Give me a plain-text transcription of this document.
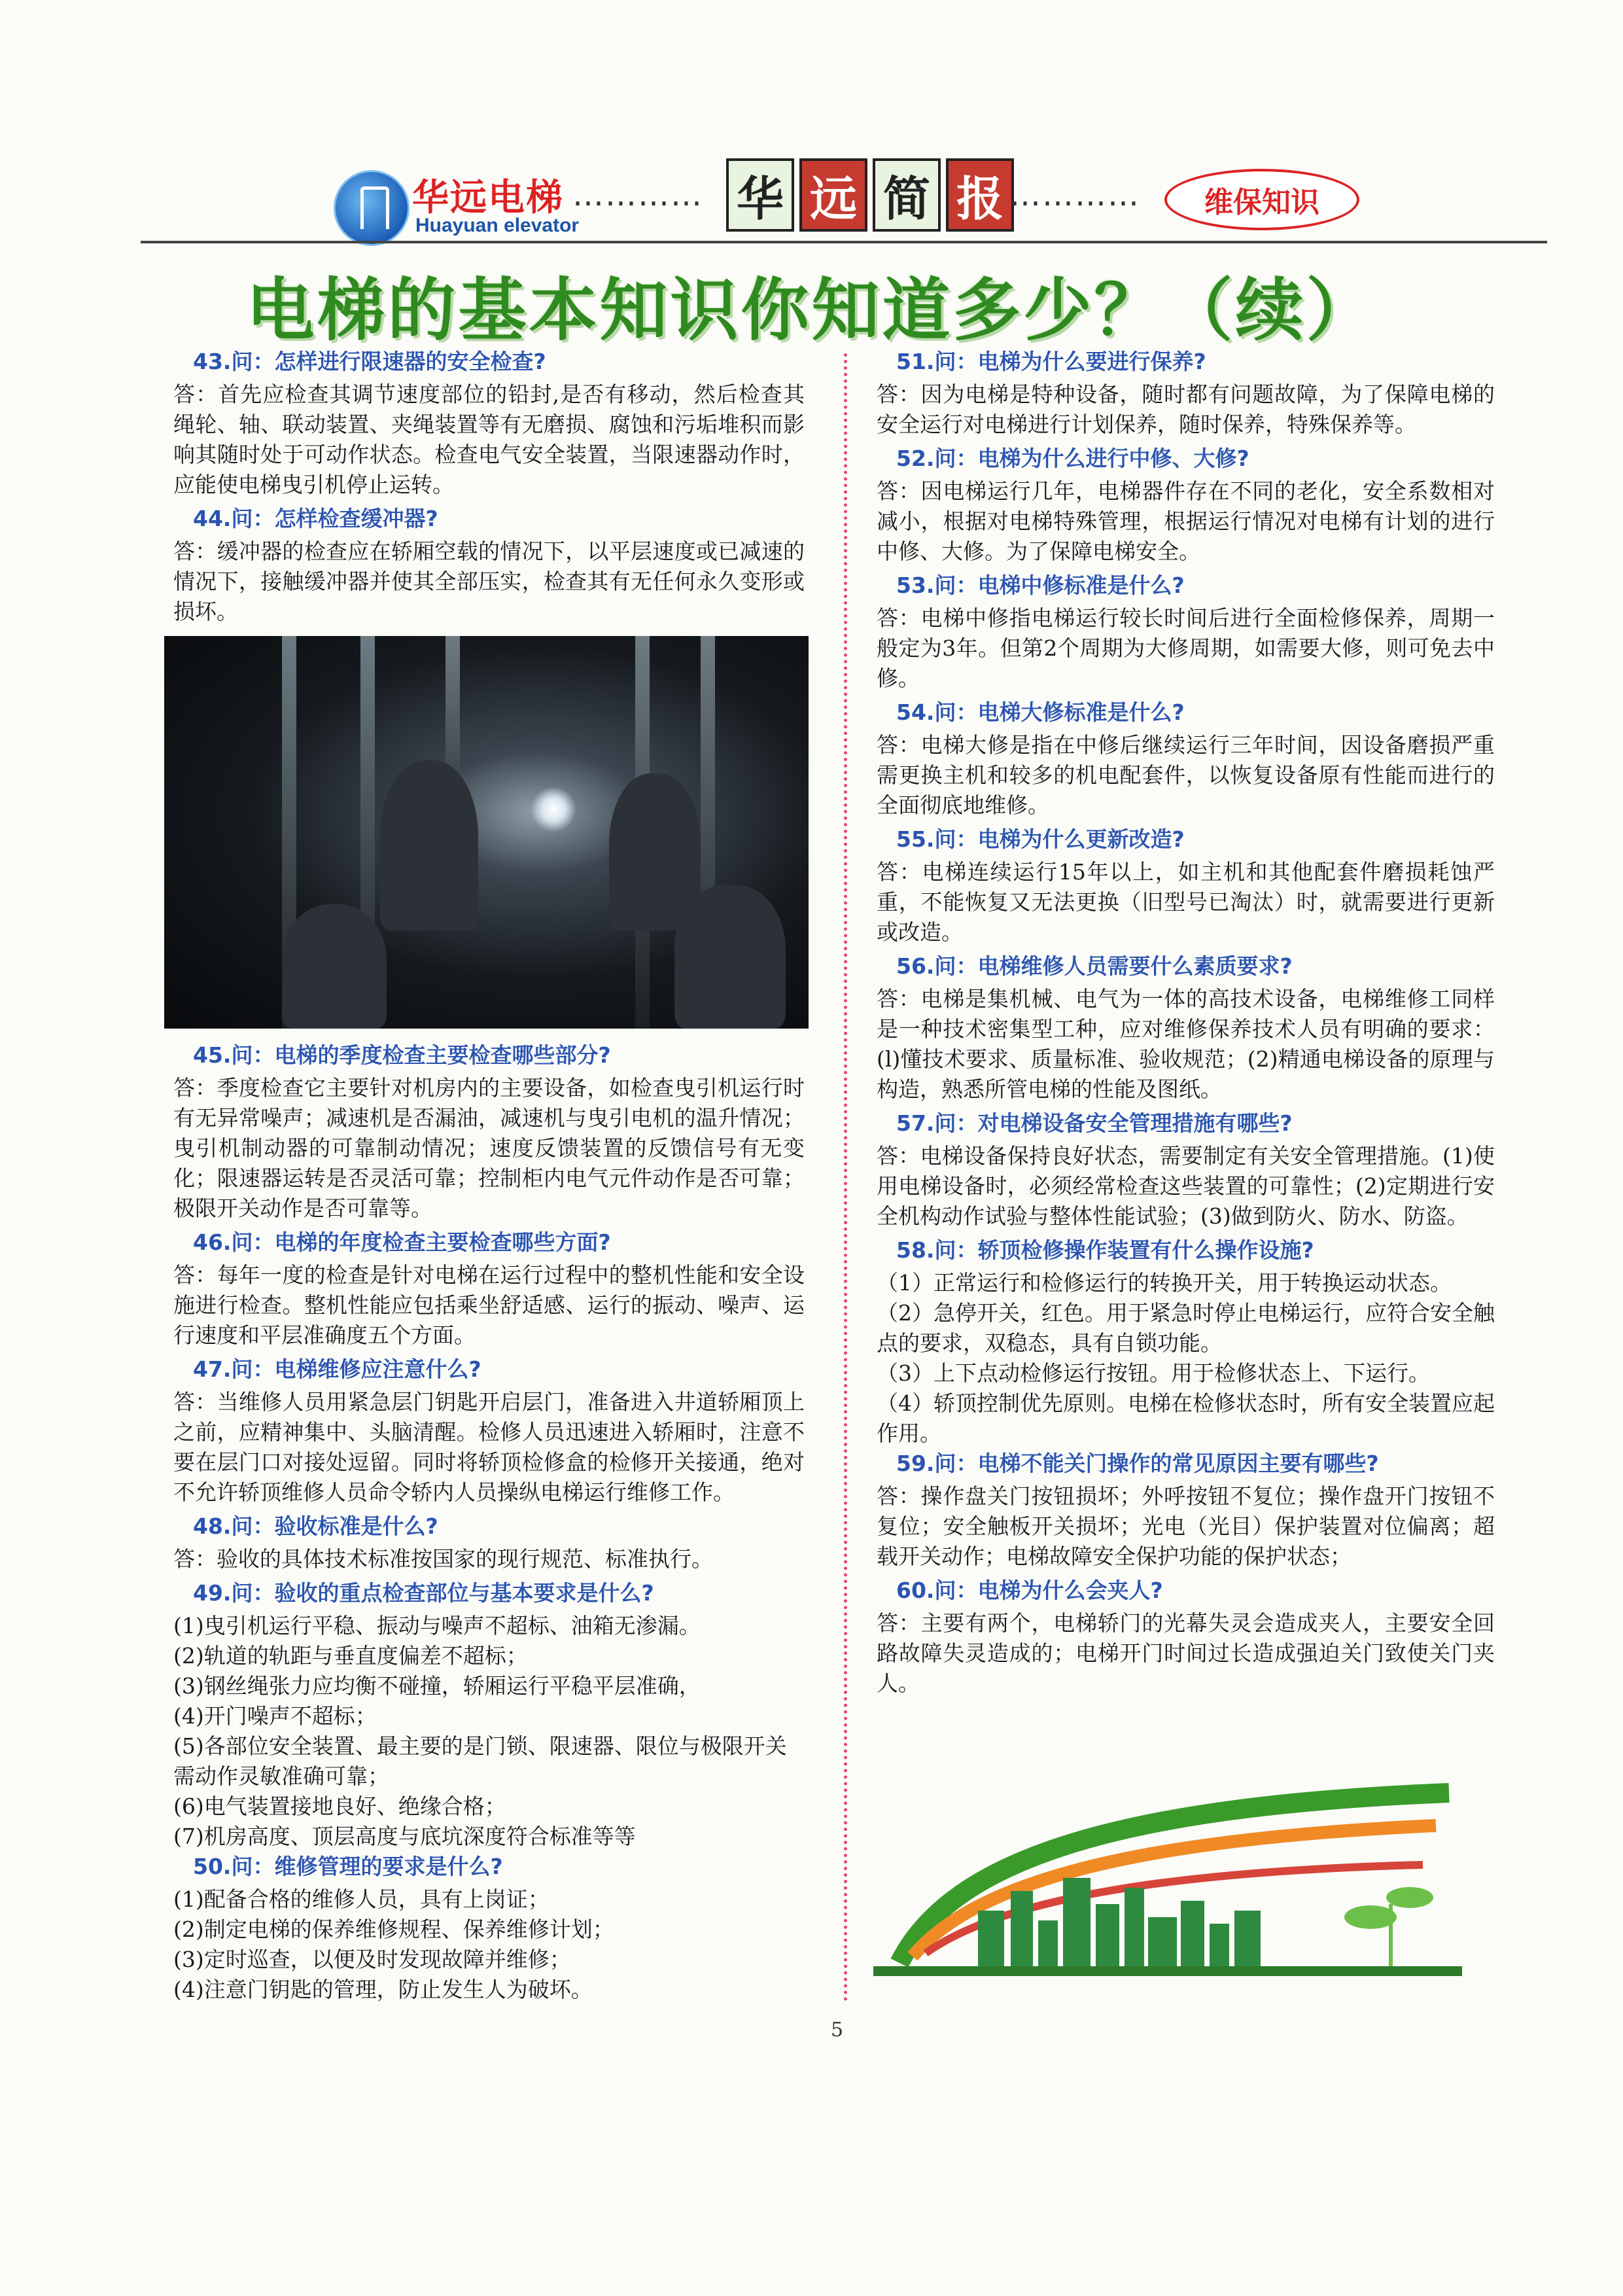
华远电梯
Huayuan elevator
………… 华 远 简 报 …………	维保知识
电梯的基本知识你知道多少？（续）
43.问：怎样进行限速器的安全检查?
答：首先应检查其调节速度部位的铅封,是否有移动，然后检查其绳轮、轴、联动装置、夹绳装置等有无磨损、腐蚀和污垢堆积而影响其随时处于可动作状态。检查电气安全装置，当限速器动作时，应能使电梯曳引机停止运转。
44.问：怎样检查缓冲器?
答：缓冲器的检查应在轿厢空载的情况下，以平层速度或已减速的情况下，接触缓冲器并使其全部压实，检查其有无任何永久变形或损坏。
45.问：电梯的季度检查主要检查哪些部分?
答：季度检查它主要针对机房内的主要设备，如检查曳引机运行时有无异常噪声；减速机是否漏油，减速机与曳引电机的温升情况；曳引机制动器的可靠制动情况；速度反馈装置的反馈信号有无变化；限速器运转是否灵活可靠；控制柜内电气元件动作是否可靠；极限开关动作是否可靠等。
46.问：电梯的年度检查主要检查哪些方面?
答：每年一度的检查是针对电梯在运行过程中的整机性能和安全设施进行检查。整机性能应包括乘坐舒适感、运行的振动、噪声、运行速度和平层准确度五个方面。
47.问：电梯维修应注意什么?
答：当维修人员用紧急层门钥匙开启层门，准备进入井道轿厢顶上之前，应精神集中、头脑清醒。检修人员迅速进入轿厢时，注意不要在层门口对接处逗留。同时将轿顶检修盒的检修开关接通，绝对不允许轿顶维修人员命令轿内人员操纵电梯运行维修工作。
48.问：验收标准是什么?
答：验收的具体技术标准按国家的现行规范、标准执行。
49.问：验收的重点检查部位与基本要求是什么?
(1)曳引机运行平稳、振动与噪声不超标、油箱无渗漏。
(2)轨道的轨距与垂直度偏差不超标；
(3)钢丝绳张力应均衡不碰撞，轿厢运行平稳平层准确，
(4)开门噪声不超标；
(5)各部位安全装置、最主要的是门锁、限速器、限位与极限开关需动作灵敏准确可靠；
(6)电气装置接地良好、绝缘合格；
(7)机房高度、顶层高度与底坑深度符合标准等等
50.问：维修管理的要求是什么?
(1)配备合格的维修人员，具有上岗证；
(2)制定电梯的保养维修规程、保养维修计划；
(3)定时巡查，以便及时发现故障并维修；
(4)注意门钥匙的管理，防止发生人为破坏。
51.问：电梯为什么要进行保养?
答：因为电梯是特种设备，随时都有问题故障，为了保障电梯的安全运行对电梯进行计划保养，随时保养，特殊保养等。
52.问：电梯为什么进行中修、大修?
答：因电梯运行几年，电梯器件存在不同的老化，安全系数相对减小，根据对电梯特殊管理，根据运行情况对电梯有计划的进行中修、大修。为了保障电梯安全。
53.问：电梯中修标准是什么?
答：电梯中修指电梯运行较长时间后进行全面检修保养，周期一般定为3年。但第2个周期为大修周期，如需要大修，则可免去中修。
54.问：电梯大修标准是什么?
答：电梯大修是指在中修后继续运行三年时间，因设备磨损严重需更换主机和较多的机电配套件，以恢复设备原有性能而进行的全面彻底地维修。
55.问：电梯为什么更新改造?
答：电梯连续运行15年以上，如主机和其他配套件磨损耗蚀严重，不能恢复又无法更换（旧型号已淘汰）时，就需要进行更新或改造。
56.问：电梯维修人员需要什么素质要求?
答：电梯是集机械、电气为一体的高技术设备，电梯维修工同样是一种技术密集型工种，应对维修保养技术人员有明确的要求：(l)懂技术要求、质量标准、验收规范；(2)精通电梯设备的原理与构造，熟悉所管电梯的性能及图纸。
57.问：对电梯设备安全管理措施有哪些?
答：电梯设备保持良好状态，需要制定有关安全管理措施。(1)使用电梯设备时，必须经常检查这些装置的可靠性；(2)定期进行安全机构动作试验与整体性能试验；(3)做到防火、防水、防盗。
58.问：轿顶检修操作装置有什么操作设施?
（1）正常运行和检修运行的转换开关，用于转换运动状态。
（2）急停开关，红色。用于紧急时停止电梯运行，应符合安全触点的要求，双稳态，具有自锁功能。
（3）上下点动检修运行按钮。用于检修状态上、下运行。
（4）轿顶控制优先原则。电梯在检修状态时，所有安全装置应起作用。
59.问：电梯不能关门操作的常见原因主要有哪些?
答：操作盘关门按钮损坏；外呼按钮不复位；操作盘开门按钮不复位；安全触板开关损坏；光电（光目）保护装置对位偏离；超载开关动作；电梯故障安全保护功能的保护状态；
60.问：电梯为什么会夹人?
答：主要有两个，电梯轿门的光幕失灵会造成夹人，主要安全回路故障失灵造成的；电梯开门时间过长造成强迫关门致使关门夹人。
5
